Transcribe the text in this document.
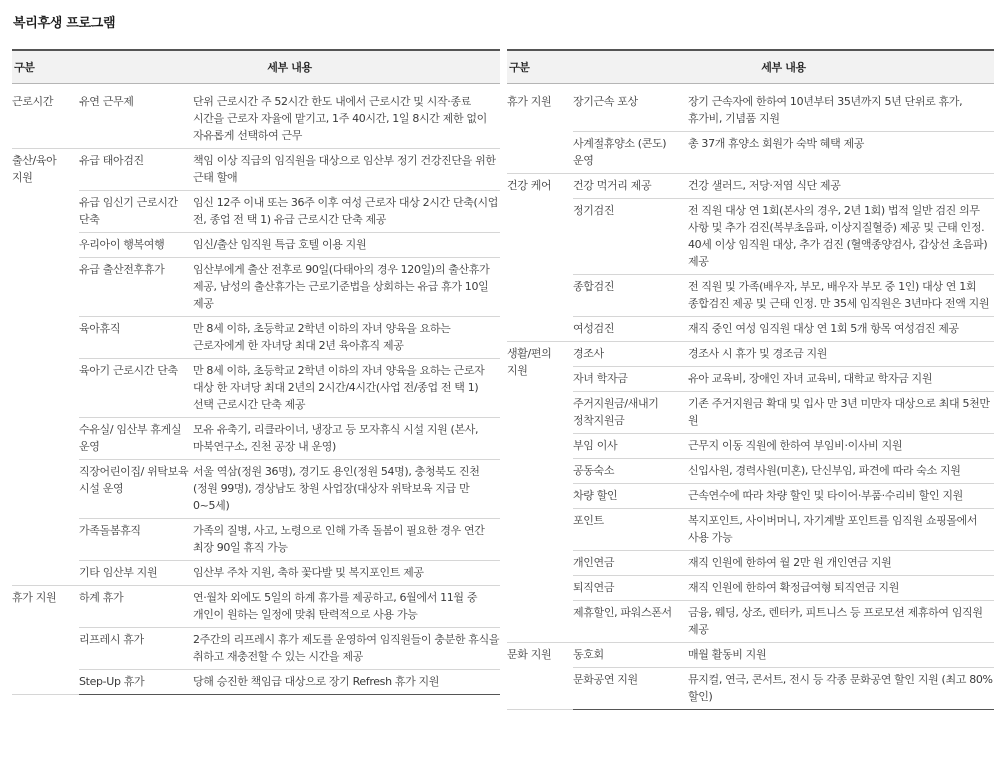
복리후생 프로그램
구분	세부 내용	
근로시간	유연 근무제	단위 근로시간 주 52시간 한도 내에서 근로시간 및 시작·종료 시간을 근로자 자율에 맡기고, 1주 40시간, 1일 8시간 제한 없이 자유롭게 선택하여 근무
출산/육아 지원	유급 태아검진	책임 이상 직급의 임직원을 대상으로 임산부 정기 건강진단을 위한 근태 할애
	유급 임신기 근로시간 단축	임신 12주 이내 또는 36주 이후 여성 근로자 대상 2시간 단축(시업 전, 종업 전 택 1) 유급 근로시간 단축 제공
	우리아이 행복여행	임신/출산 임직원 특급 호텔 이용 지원
	유급 출산전후휴가	임산부에게 출산 전후로 90일(다태아의 경우 120일)의 출산휴가 제공, 남성의 출산휴가는 근로기준법을 상회하는 유급 휴가 10일 제공
	육아휴직	만 8세 이하, 초등학교 2학년 이하의 자녀 양육을 요하는 근로자에게 한 자녀당 최대 2년 육아휴직 제공
	육아기 근로시간 단축	만 8세 이하, 초등학교 2학년 이하의 자녀 양육을 요하는 근로자 대상 한 자녀당 최대 2년의 2시간/4시간(사업 전/종업 전 택 1) 선택 근로시간 단축 제공
	수유실/ 임산부 휴게실 운영	모유 유축기, 리클라이너, 냉장고 등 모자휴식 시설 지원 (본사, 마북연구소, 진천 공장 내 운영)
	직장어린이집/ 위탁보육 시설 운영	서울 역삼(정원 36명), 경기도 용인(정원 54명), 충청북도 진천(정원 99명), 경상남도 창원 사업장(대상자 위탁보육 지급 만 0~5세)
	가족돌봄휴직	가족의 질병, 사고, 노령으로 인해 가족 돌봄이 필요한 경우 연간 최장 90일 휴직 가능
	기타 임산부 지원	임산부 주차 지원, 축하 꽃다발 및 복지포인트 제공
휴가 지원	하계 휴가	연·월차 외에도 5일의 하계 휴가를 제공하고, 6월에서 11월 중 개인이 원하는 일정에 맞춰 탄력적으로 사용 가능
	리프레시 휴가	2주간의 리프레시 휴가 제도를 운영하여 임직원들이 충분한 휴식을 취하고 재충전할 수 있는 시간을 제공
	Step-Up 휴가	당해 승진한 책임급 대상으로 장기 Refresh 휴가 지원
구분	세부 내용	
휴가 지원	장기근속 포상	장기 근속자에 한하여 10년부터 35년까지 5년 단위로 휴가, 휴가비, 기념품 지원
	사계절휴양소 (콘도) 운영	총 37개 휴양소 회원가 숙박 혜택 제공
건강 케어	건강 먹거리 제공	건강 샐러드, 저당·저염 식단 제공
	정기검진	전 직원 대상 연 1회(본사의 경우, 2년 1회) 법적 일반 검진 의무 사항 및 추가 검진(복부초음파, 이상지질혈증) 제공 및 근태 인정. 40세 이상 임직원 대상, 추가 검진 (혈액종양검사, 갑상선 초음파) 제공
	종합검진	전 직원 및 가족(배우자, 부모, 배우자 부모 중 1인) 대상 연 1회 종합검진 제공 및 근태 인정. 만 35세 임직원은 3년마다 전액 지원
	여성검진	재직 중인 여성 임직원 대상 연 1회 5개 항목 여성검진 제공
생활/편의 지원	경조사	경조사 시 휴가 및 경조금 지원
	자녀 학자금	유아 교육비, 장애인 자녀 교육비, 대학교 학자금 지원
	주거지원금/새내기 정착지원금	기존 주거지원금 확대 및 입사 만 3년 미만자 대상으로 최대 5천만 원
	부임 이사	근무지 이동 직원에 한하여 부임비·이사비 지원
	공동숙소	신입사원, 경력사원(미혼), 단신부임, 파견에 따라 숙소 지원
	차량 할인	근속연수에 따라 차량 할인 및 타이어·부품·수리비 할인 지원
	포인트	복지포인트, 사이버머니, 자기계발 포인트를 임직원 쇼핑몰에서 사용 가능
	개인연금	재직 인원에 한하여 월 2만 원 개인연금 지원
	퇴직연금	재직 인원에 한하여 확정급여형 퇴직연금 지원
	제휴할인, 파워스폰서	금융, 웨딩, 상조, 렌터카, 피트니스 등 프로모션 제휴하여 임직원 제공
문화 지원	동호회	매월 활동비 지원
	문화공연 지원	뮤지컬, 연극, 콘서트, 전시 등 각종 문화공연 할인 지원 (최고 80% 할인)
